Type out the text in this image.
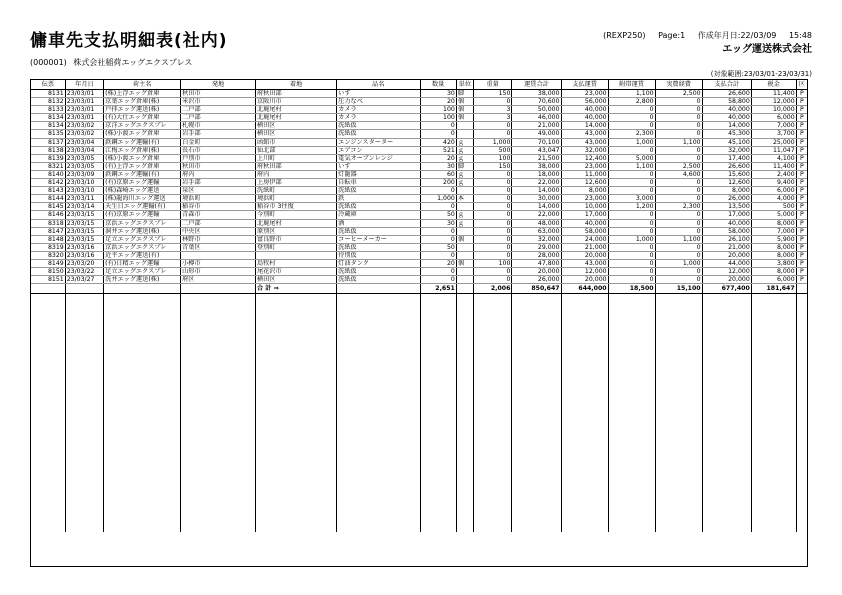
傭車先支払明細表(社内)	(REXP250) Page:1 作成年月日:22/03/09 15:48
エッグ運送株式会社
(000001) 株式会社稲荷エッグエクスプレス
(対象範囲:23/03/01-23/03/31)
伝票	年月日	荷主名	発地	着地	品名	数量	単位	重量	運賃合計	支払運賃	附帯運賃	実費経費	支払合計	税金	区
8131	23/03/01	(株)上浮エッグ倉庫	秋田市	府秋田部	いす	30	脚	150	38,000	23,000	1,100	2,500	26,600	11,400	P
8132	23/03/01	京葉エッグ倉庫(株)	米沢市	京阪川市	圧力なべ	20	個	0	70,600	56,000	2,800	0	58,800	12,000	P
8133	23/03/01	戸拝エッグ運送(株)	二戸部	北鹿尾村	カメラ	100	個	3	50,000	40,000	0	0	40,000	10,000	P
8134	23/03/01	(有)大仕エッグ倉庫	二戸部	北鹿尾村	カメラ	100	個	3	46,000	40,000	0	0	40,000	6,000	P
8134	23/03/02	京洋エッグエクスプレ	札幌市	横田区	洗紙仮	0		0	21,000	14,000	0	0	14,000	7,000	P
8135	23/03/02	(株)小渡エッグ倉庫	岩手部	横田区	洗紙仮	0		0	49,000	43,000	2,300	0	45,300	3,700	P
8137	23/03/04	鉄鋼エッグ運輸(有)	白金町	函館市	エンジンスターター	420	ｇ	1,000	70,100	43,000	1,000	1,100	45,100	25,000	P
8138	23/03/04	江梅エッグ倉庫(株)	長石市	仙北部	エアコン	521	ｇ	500	43,047	32,000	0	0	32,000	11,047	P
8139	23/03/05	(株)小渡エッグ倉庫	戸別市	上川町	電気オーブンレンジ	20	ｇ	100	21,500	12,400	5,000	0	17,400	4,100	P
8321	23/03/05	(有)上浮エッグ倉庫	秋田市	府秋田部	いす	30	脚	150	38,000	23,000	1,100	2,500	26,600	11,400	P
8140	23/03/09	鉄鋼エッグ運輸(有)	府内	府内	灯籠器	60	ｇ	0	18,000	11,000	0	4,600	15,600	2,400	P
8142	23/03/10	(有)京原エッグ運輸	岩手部	上房伊部	自転車	200	ｇ	0	22,000	12,600	0	0	12,600	9,400	P
8143	23/03/10	(株)森崎エッグ運送	泉区	洗紙町	洗紙仮	0		0	14,000	8,000	0	0	8,000	6,000	P
8144	23/03/11	(株)龍海川エッグ運送	境浜町	境浜町	鉄	1,000	本	0	30,000	23,000	3,000	0	26,000	4,000	P
8145	23/03/14	天生日エッグ運輸(有)	稲谷市	稲谷市 3往復	洗紙仮	0		0	14,000	10,000	1,200	2,300	13,500	500	P
8146	23/03/15	(有)京原エッグ運輸	青森市	今別町	冷蔵庫	50	ｇ	0	22,000	17,000	0	0	17,000	5,000	P
8318	23/03/15	京浜エッグエクスプレ	二戸部	北鹿尾村	酒	30	ｇ	0	48,000	40,000	0	0	40,000	8,000	P
8147	23/03/15	洞井エッグ運送(株)	中央区	原別区	洗紙仮	0		0	63,000	58,000	0	0	58,000	7,000	P
8148	23/03/15	足立エッグエクスプレ	林野市	富良野市	コーヒーメーカー	0	個	0	32,000	24,000	1,000	1,100	26,100	5,900	P
8319	23/03/16	京浜エッグエクスプレ	青葉区	登別町	洗紙仮	50		0	29,000	21,000	0	0	21,000	8,000	P
8320	23/03/16	近平エッグ運送(有)			待別仮	0		0	28,000	20,000	0	0	20,000	8,000	P
8149	23/03/20	(有)日精エッグ運輸	小樽市	島牧村	灯油タンク	20	個	100	47,800	43,000	0	1,000	44,000	3,800	P
8150	23/03/22	足立エッグエクスプレ	山形市	尾花沢市	洗紙仮	0		0	20,000	12,000	0	0	12,000	8,000	P
8151	23/03/27	洗井エッグ運送(株)	府区	横田区	洗紙仮	0		0	26,000	20,000	0	0	20,000	6,000	P
				合 計 ⇒		2,651		2,006	850,647	644,000	18,500	15,100	677,400	181,647	
